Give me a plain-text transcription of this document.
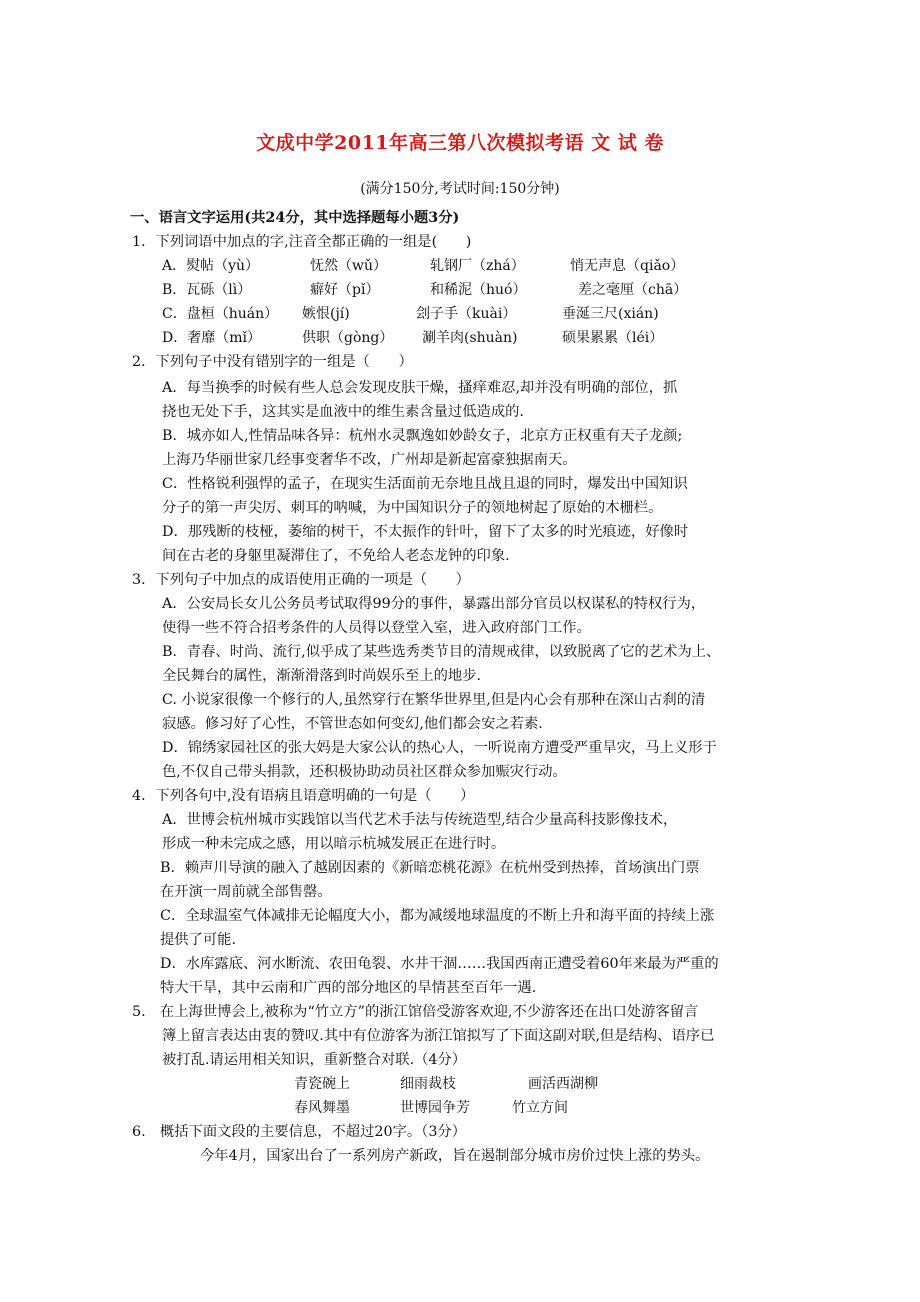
文成中学2011年高三第八次模拟考语 文 试 卷
(满分150分,考试时间:150分钟)
一、语言文字运用(共24分，其中选择题每小题3分)
1．下列词语中加点的字,注音全都正确的一组是(　　)
A．熨帖（yù）	怃然（wǔ）	轧钢厂（zhá）	悄无声息（qiǎo）
B．瓦砾（lì）	癖好（pǐ）	和稀泥（huó）	差之毫厘（chā）
C．盘桓（huán） 嫉恨(jí)	刽子手（kuài）	垂涎三尺(xián)
D．奢靡（mǐ）	供职（gòng） 涮羊肉(shuàn)	硕果累累（léi）
2．下列句子中没有错别字的一组是（　　）
A．每当换季的时候有些人总会发现皮肤干燥，搔痒难忍,却并没有明确的部位，抓
挠也无处下手，这其实是血液中的维生素含量过低造成的.
B．城亦如人,性情品味各异：杭州水灵飘逸如妙龄女子，北京方正权重有天子龙颜;
上海乃华丽世家几经事变奢华不改，广州却是新起富豪独据南天。
C．性格锐利强悍的孟子，在现实生活面前无奈地且战且退的同时，爆发出中国知识
分子的第一声尖厉、刺耳的呐喊，为中国知识分子的领地树起了原始的木栅栏。
D．那残断的枝桠，萎缩的树干，不太振作的针叶，留下了太多的时光痕迹，好像时
间在古老的身躯里凝滞住了，不免给人老态龙钟的印象.
3．下列句子中加点的成语使用正确的一项是（　　）
A．公安局长女儿公务员考试取得99分的事件，暴露出部分官员以权谋私的特权行为，
使得一些不符合招考条件的人员得以登堂入室，进入政府部门工作。
B．青春、时尚、流行,似乎成了某些选秀类节目的清规戒律，以致脱离了它的艺术为上、
全民舞台的属性，渐渐滑落到时尚娱乐至上的地步.
C. 小说家很像一个修行的人,虽然穿行在繁华世界里,但是内心会有那种在深山古刹的清
寂感。修习好了心性，不管世态如何变幻,他们都会安之若素.
D．锦绣家园社区的张大妈是大家公认的热心人，一听说南方遭受严重旱灾，马上义形于
色,不仅自己带头捐款，还积极协助动员社区群众参加赈灾行动。
4．下列各句中,没有语病且语意明确的一句是（　　）
A．世博会杭州城市实践馆以当代艺术手法与传统造型,结合少量高科技影像技术，
形成一种未完成之感，用以暗示杭城发展正在进行时。
B．赖声川导演的融入了越剧因素的《新暗恋桃花源》在杭州受到热捧，首场演出门票
在开演一周前就全部售罄。
C．全球温室气体减排无论幅度大小，都为减缓地球温度的不断上升和海平面的持续上涨
提供了可能.
D．水库露底、河水断流、农田龟裂、水井干涸……我国西南正遭受着60年来最为严重的
特大干旱，其中云南和广西的部分地区的旱情甚至百年一遇.
5.　在上海世博会上,被称为“竹立方”的浙江馆倍受游客欢迎,不少游客还在出口处游客留言
簿上留言表达由衷的赞叹.其中有位游客为浙江馆拟写了下面这副对联,但是结构、语序已
被打乱.请运用相关知识，重新整合对联.（4分）
青瓷碗上	细雨裁枝	画活西湖柳
春风舞墨	世博园争芳	竹立方间
6.　概括下面文段的主要信息，不超过20字。（3分）
今年4月，国家出台了一系列房产新政，旨在遏制部分城市房价过快上涨的势头。
